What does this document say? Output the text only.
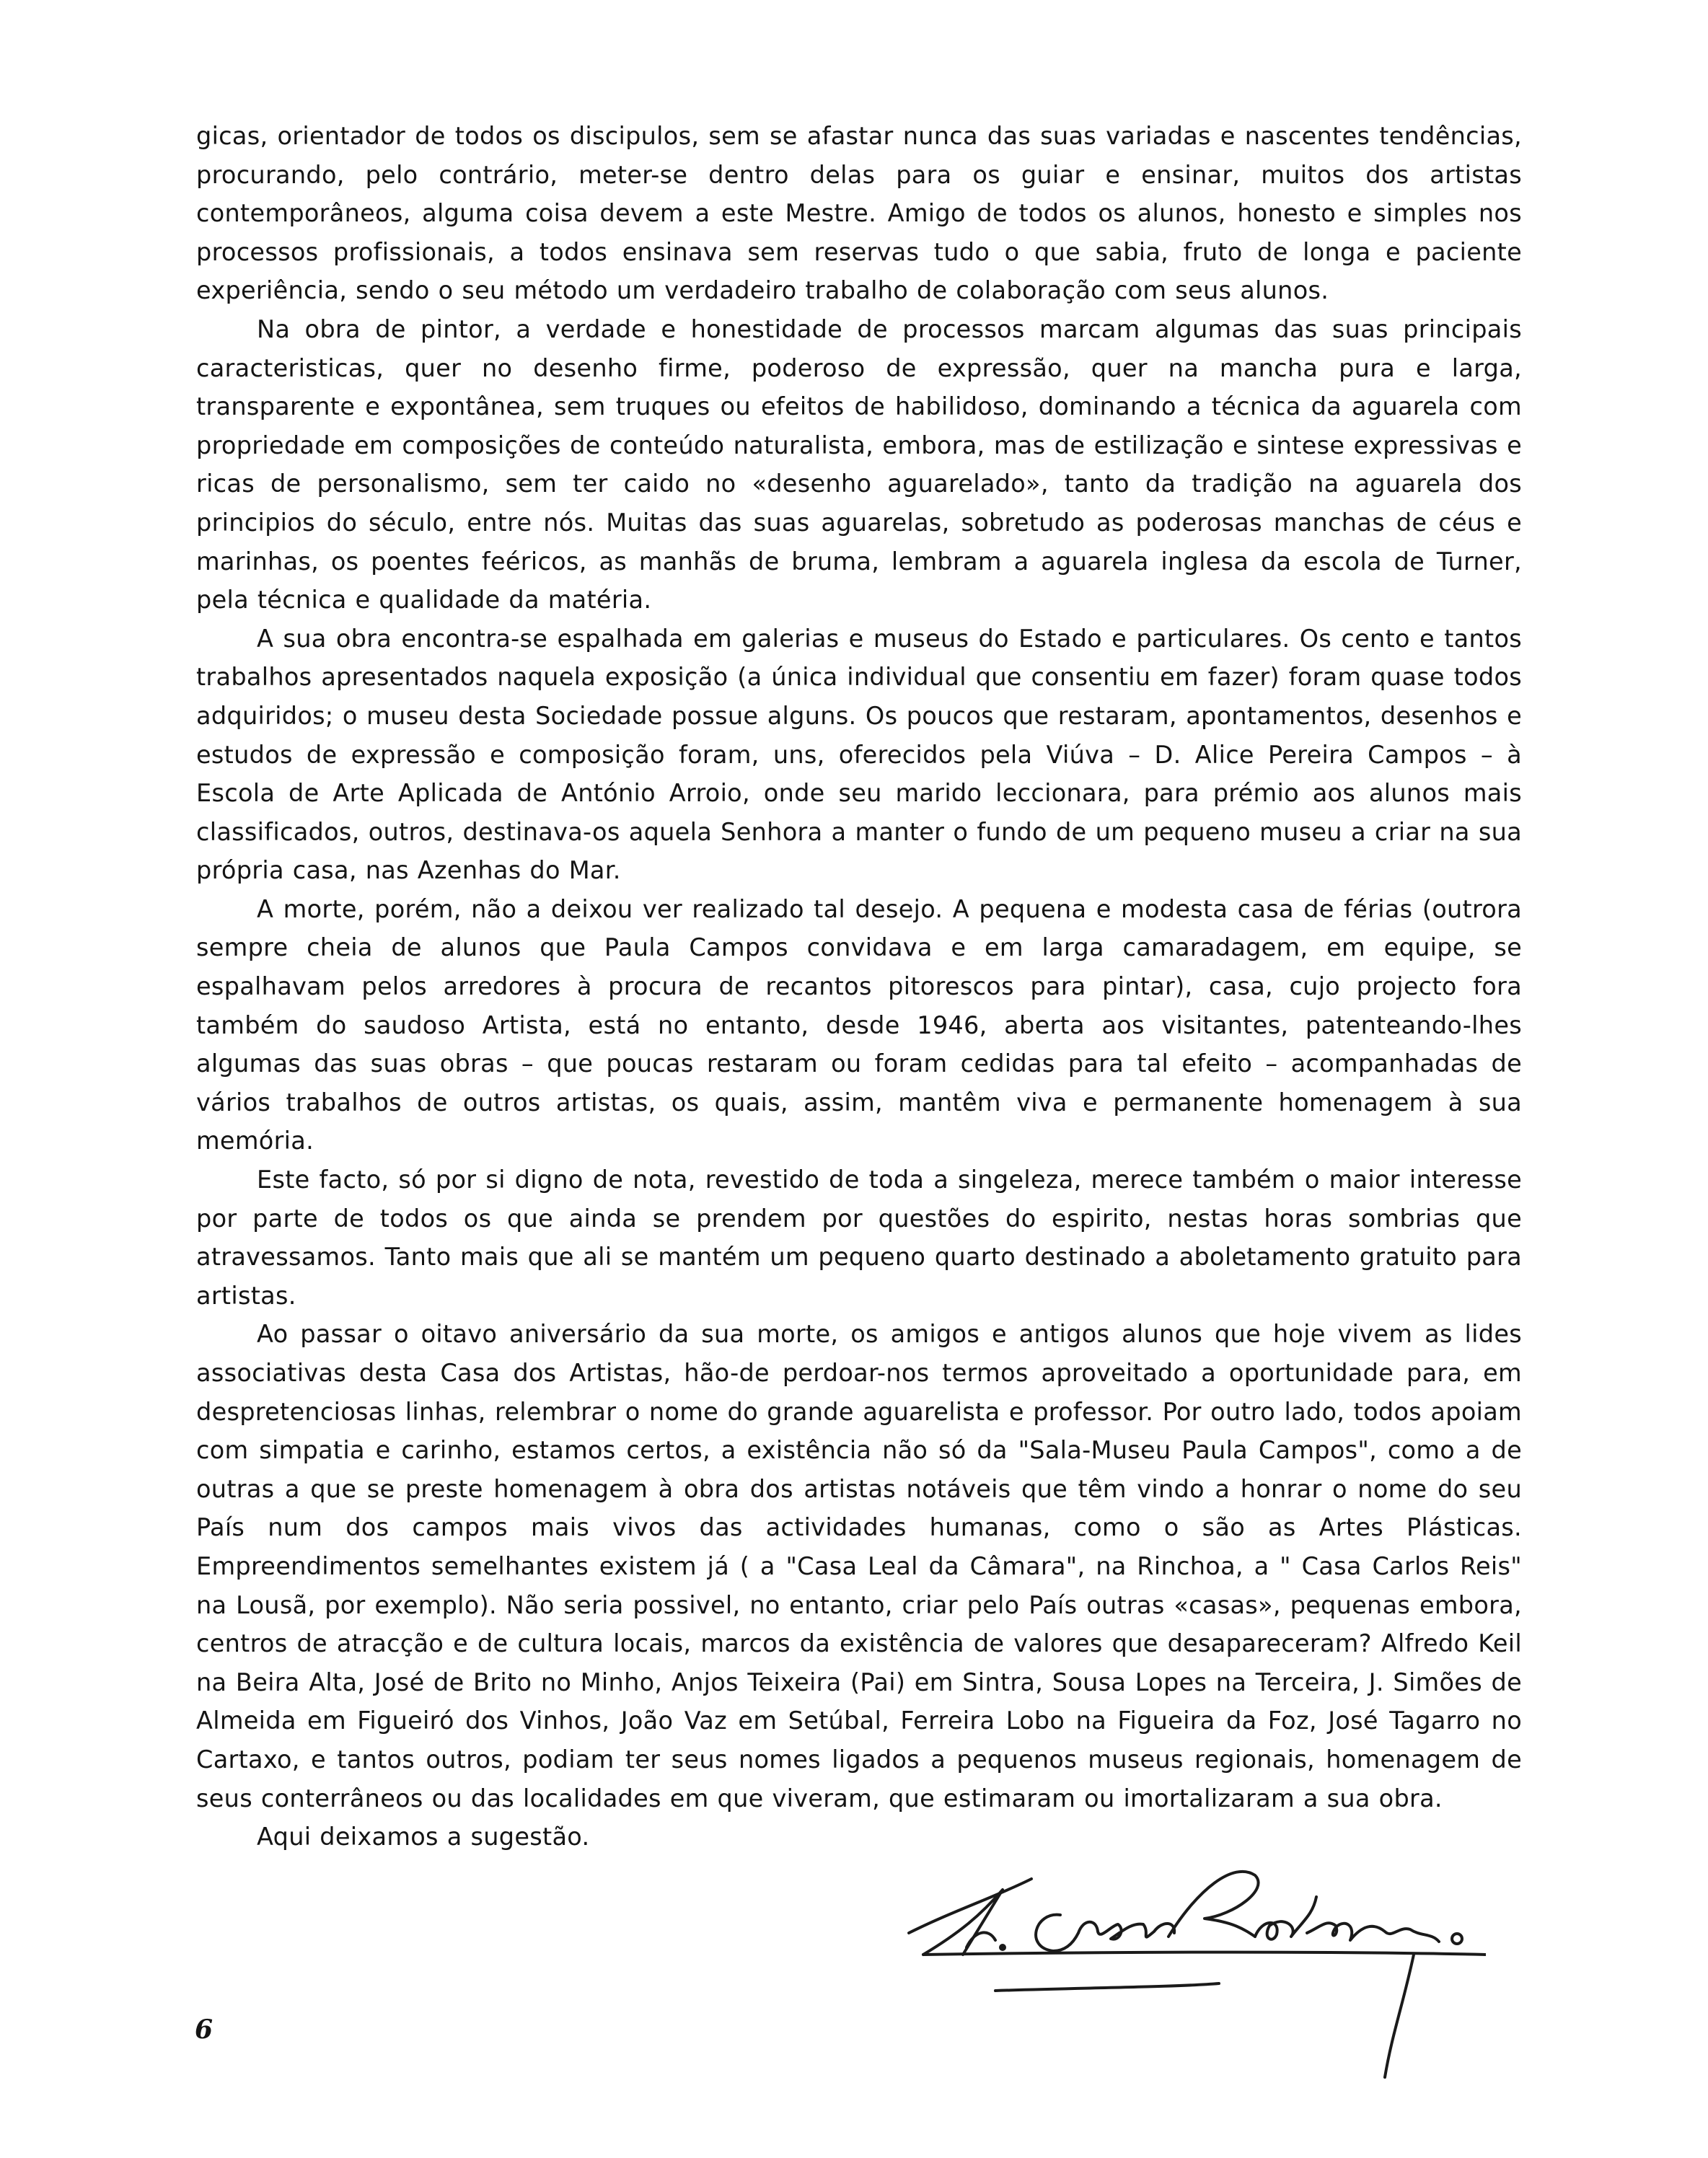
gicas, orientador de todos os discipulos, sem se afastar nunca das suas variadas e nascentes tendências, procurando, pelo contrário, meter-se dentro delas para os guiar e ensinar, muitos dos artistas contemporâneos, alguma coisa devem a este Mestre. Amigo de todos os alunos, honesto e simples nos processos profissionais, a todos ensinava sem reservas tudo o que sabia, fruto de longa e paciente experiência, sendo o seu método um verdadeiro trabalho de colaboração com seus alunos.

Na obra de pintor, a verdade e honestidade de processos marcam algumas das suas principais caracteristicas, quer no desenho firme, poderoso de expressão, quer na mancha pura e larga, transparente e expontânea, sem truques ou efeitos de habilidoso, dominando a técnica da aguarela com propriedade em composições de conteúdo naturalista, embora, mas de estilização e sintese expressivas e ricas de personalismo, sem ter caido no «desenho aguarelado», tanto da tradição na aguarela dos principios do século, entre nós. Muitas das suas aguarelas, sobretudo as poderosas manchas de céus e marinhas, os poentes feéricos, as manhãs de bruma, lembram a aguarela inglesa da escola de Turner, pela técnica e qualidade da matéria.

A sua obra encontra-se espalhada em galerias e museus do Estado e particulares. Os cento e tantos trabalhos apresentados naquela exposição (a única individual que consentiu em fazer) foram quase todos adquiridos; o museu desta Sociedade possue alguns. Os poucos que restaram, apontamentos, desenhos e estudos de expressão e composição foram, uns, oferecidos pela Viúva – D. Alice Pereira Campos – à Escola de Arte Aplicada de António Arroio, onde seu marido leccionara, para prémio aos alunos mais classificados, outros, destinava-os aquela Senhora a manter o fundo de um pequeno museu a criar na sua própria casa, nas Azenhas do Mar.

A morte, porém, não a deixou ver realizado tal desejo. A pequena e modesta casa de férias (outrora sempre cheia de alunos que Paula Campos convidava e em larga camaradagem, em equipe, se espalhavam pelos arredores à procura de recantos pitorescos para pintar), casa, cujo projecto fora também do saudoso Artista, está no entanto, desde 1946, aberta aos visitantes, patenteando-lhes algumas das suas obras – que poucas restaram ou foram cedidas para tal efeito – acompanhadas de vários trabalhos de outros artistas, os quais, assim, mantêm viva e permanente homenagem à sua memória.

Este facto, só por si digno de nota, revestido de toda a singeleza, merece também o maior interesse por parte de todos os que ainda se prendem por questões do espirito, nestas horas sombrias que atravessamos. Tanto mais que ali se mantém um pequeno quarto destinado a aboletamento gratuito para artistas.

Ao passar o oitavo aniversário da sua morte, os amigos e antigos alunos que hoje vivem as lides associativas desta Casa dos Artistas, hão-de perdoar-nos termos aproveitado a oportunidade para, em despretenciosas linhas, relembrar o nome do grande aguarelista e professor. Por outro lado, todos apoiam com simpatia e carinho, estamos certos, a existência não só da "Sala-Museu Paula Campos", como a de outras a que se preste homenagem à obra dos artistas notáveis que têm vindo a honrar o nome do seu País num dos campos mais vivos das actividades humanas, como o são as Artes Plásticas. Empreendimentos semelhantes existem já ( a "Casa Leal da Câmara", na Rinchoa, a " Casa Carlos Reis" na Lousã, por exemplo). Não seria possivel, no entanto, criar pelo País outras «casas», pequenas embora, centros de atracção e de cultura locais, marcos da existência de valores que desapareceram? Alfredo Keil na Beira Alta, José de Brito no Minho, Anjos Teixeira (Pai) em Sintra, Sousa Lopes na Terceira, J. Simões de Almeida em Figueiró dos Vinhos, João Vaz em Setúbal, Ferreira Lobo na Figueira da Foz, José Tagarro no Cartaxo, e tantos outros, podiam ter seus nomes ligados a pequenos museus regionais, homenagem de seus conterrâneos ou das localidades em que viveram, que estimaram ou imortalizaram a sua obra.

Aqui deixamos a sugestão.

6
